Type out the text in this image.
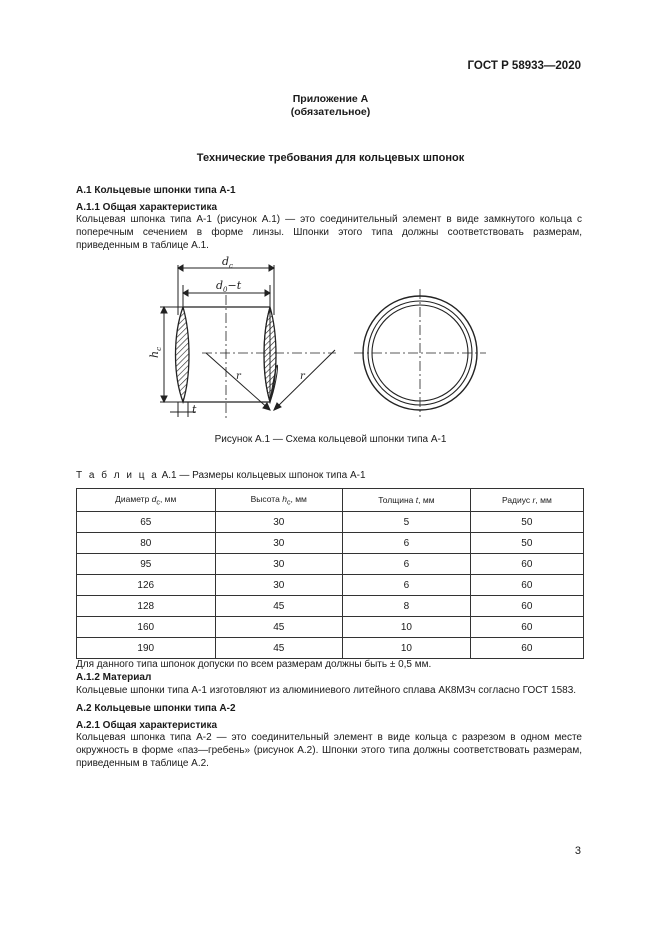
ГОСТ Р 58933—2020
Приложение А
(обязательное)
Технические требования для кольцевых шпонок
А.1 Кольцевые шпонки типа А-1
А.1.1 Общая характеристика
Кольцевая шпонка типа А-1 (рисунок А.1) — это соединительный элемент в виде замкнутого кольца с поперечным сечением в форме линзы. Шпонки этого типа должны соответствовать размерам, приведенным в таблице А.1.
$d_c$
$d_0-t$
$h_c$
t
r	r
Рисунок А.1 — Схема кольцевой шпонки типа А-1
Т а б л и ц а А.1 — Размеры кольцевых шпонок типа А-1
Диаметр $d_c$, мм	Высота $h_c$, мм	Толщина t, мм	Радиус r, мм
65	30	5	50
80	30	6	50
95	30	6	60
126	30	6	60
128	45	8	60
160	45	10	60
190	45	10	60
Для данного типа шпонок допуски по всем размерам должны быть ± 0,5 мм.
А.1.2 Материал
Кольцевые шпонки типа А-1 изготовляют из алюминиевого литейного сплава АК8М3ч согласно ГОСТ 1583.
А.2 Кольцевые шпонки типа А-2
А.2.1 Общая характеристика
Кольцевая шпонка типа А-2 — это соединительный элемент в виде кольца с разрезом в одном месте окружность в форме «паз—гребень» (рисунок А.2). Шпонки этого типа должны соответствовать размерам, приведенным в таблице А.2.
3
